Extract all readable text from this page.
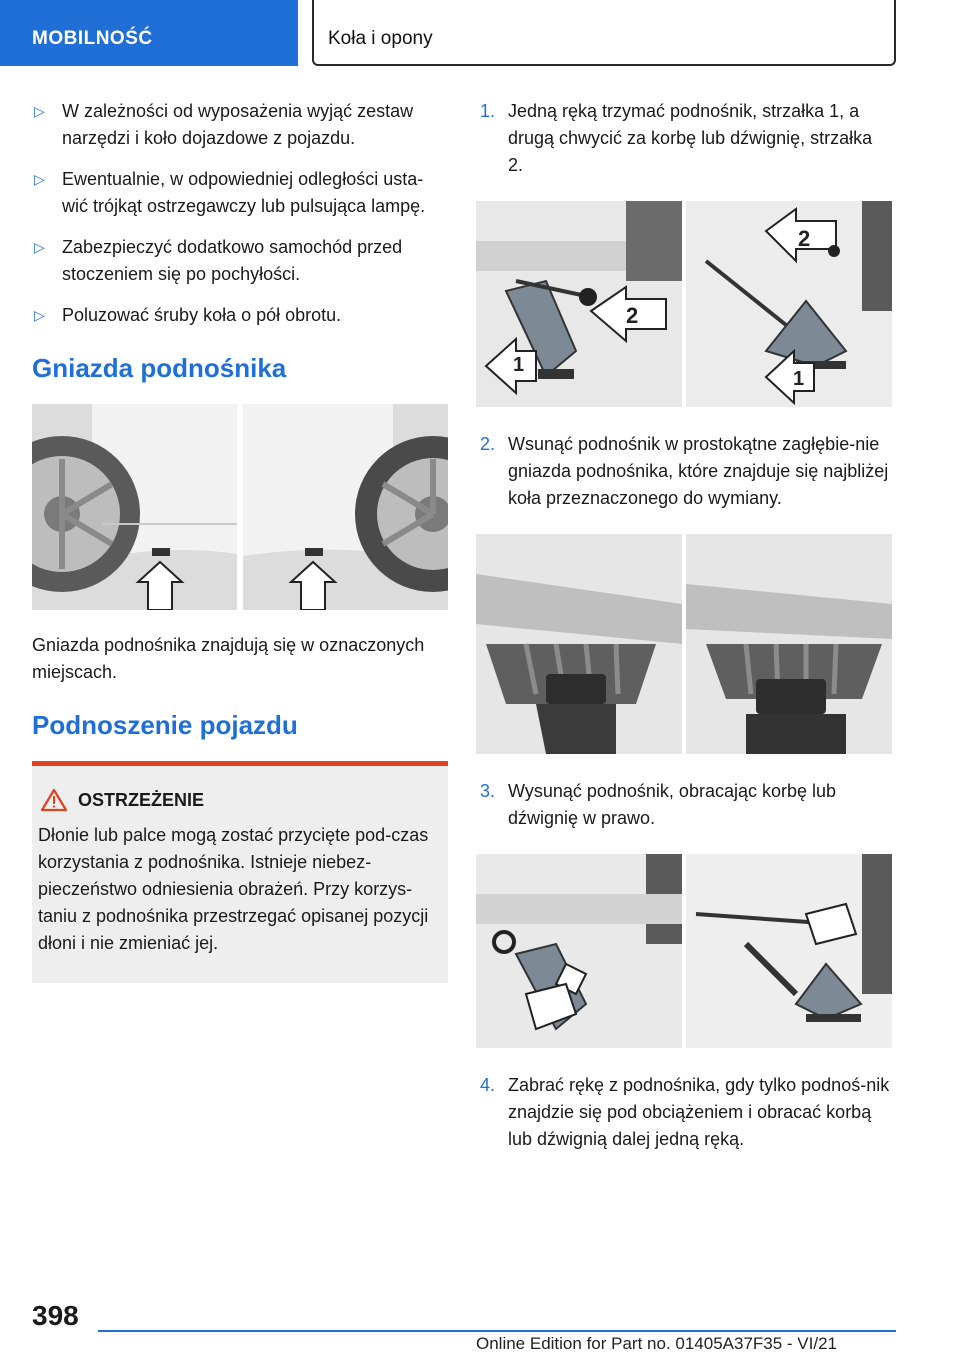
MOBILNOŚĆ	Koła i opony
▷ W zależności od wyposażenia wyjąć zestaw narzędzi i koło dojazdowe z pojazdu.
▷ Ewentualnie, w odpowiedniej odległości usta-wić trójkąt ostrzegawczy lub pulsująca lampę.
▷ Zabezpieczyć dodatkowo samochód przed stoczeniem się po pochyłości.
▷ Poluzować śruby koła o pół obrotu.
Gniazda podnośnika

Gniazda podnośnika znajdują się w oznaczonych miejscach.

Podnoszenie pojazdu
OSTRZEŻENIE

Dłonie lub palce mogą zostać przycięte pod-czas korzystania z podnośnika. Istnieje niebez-pieczeństwo odniesienia obrażeń. Przy korzys-taniu z podnośnika przestrzegać opisanej pozycji dłoni i nie zmieniać jej.

1. Jedną ręką trzymać podnośnik, strzałka 1, a drugą chwycić za korbę lub dźwignię, strzałka 2.
1
2
2
1
2. Wsunąć podnośnik w prostokątne zagłębie-nie gniazda podnośnika, które znajduje się najbliżej koła przeznaczonego do wymiany.
3. Wysunąć podnośnik, obracając korbę lub dźwignię w prawo.
4. Zabrać rękę z podnośnika, gdy tylko podnoś-nik znajdzie się pod obciążeniem i obracać korbą lub dźwignią dalej jedną ręką.
398
Online Edition for Part no. 01405A37F35 - VI/21
